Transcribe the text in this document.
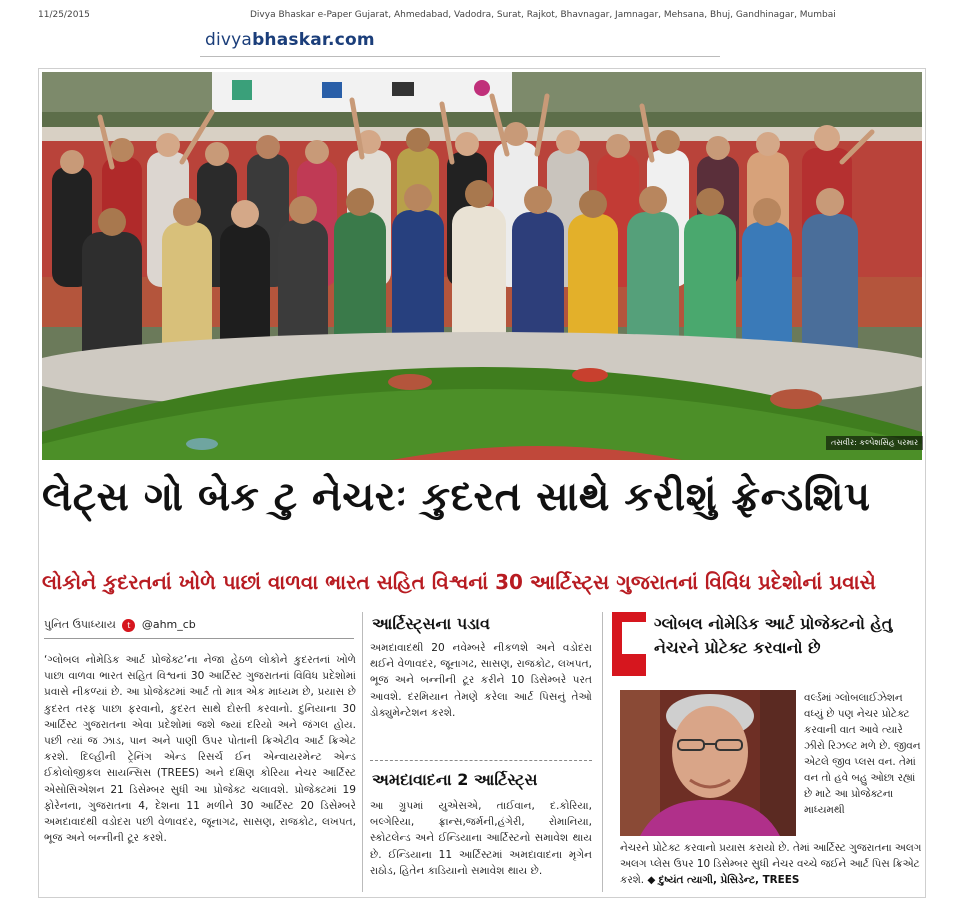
11/25/2015	Divya Bhaskar e-Paper Gujarat, Ahmedabad, Vadodra, Surat, Rajkot, Bhavnagar, Jamnagar, Mehsana, Bhuj, Gandhinagar, Mumbai
divyabhaskar.com
તસવીર: કલ્પેશસિંહ પરમાર
લેટ્સ ગો બેક ટુ નેચરઃ કુદરત સાથે કરીશું ફ્રેન્ડશિપ
લોકોને કુદરતનાં ખોળે પાછાં વાળવા ભારત સહિત વિશ્વનાં 30 આર્ટિસ્ટ્સ ગુજરાતનાં વિવિધ પ્રદેશોનાં પ્રવાસે
પુનિત ઉપાધ્યાય t @ahm_cb
‘ગ્લોબલ નોમેડિક આર્ટ પ્રોજેક્ટ’ના નેજા હેઠળ લોકોને કુદરતનાં ખોળે પાછા વાળવા ભારત સહિત વિશ્વનાં 30 આર્ટિસ્ટ ગુજરાતનાં વિવિધ પ્રદેશોમાં પ્રવાસે નીકળ્યાં છે. આ પ્રોજેક્ટમાં આર્ટ તો માત્ર એક માધ્યમ છે, પ્રયાસ છે કુદરત તરફ પાછા ફરવાનો, કુદરત સાથે દોસ્તી કરવાનો. દુનિયાના 30 આર્ટિસ્ટ ગુજરાતના એવા પ્રદેશોમાં જશે જ્યાં દરિયો અને જંગલ હોય. પછી ત્યાં જ ઝાડ, પાન અને પાણી ઉપર પોતાની ક્રિએટીવ આર્ટ ક્રિએટ કરશે. દિલ્હીની ટ્રેનિંગ એન્ડ રિસર્ચ ઈન એન્વાયરમેન્ટ એન્ડ ઈકોલોજીકલ સાયન્સિસ (TREES) અને દક્ષિણ કોરિયા નેચર આર્ટિસ્ટ એસોસિએશન 21 ડિસેમ્બર સુધી આ પ્રોજેક્ટ ચલાવશે. પ્રોજેક્ટમાં 19 ફોરેનના, ગુજરાતના 4, દેશના 11 મળીને 30 આર્ટિસ્ટ 20 ડિસેમ્બરે અમદાવાદથી વડોદરા પછી વેળાવદર, જૂનાગઢ, સાસણ, રાજકોટ, લખપત, ભૂજ અને બન્નીની ટૂર કરશે.
આર્ટિસ્ટ્સના પડાવ
અમદાવાદથી 20 નવેમ્બરે નીકળશે અને વડોદરા થઈને વેળાવદર, જૂનાગઢ, સાસણ, રાજકોટ, લખપત, ભૂજ અને બન્નીની ટૂર કરીને 10 ડિસેમ્બરે પરત આવશે. દરમિયાન તેમણે કરેલા આર્ટ પિસનું તેઓ ડોક્યુમેન્ટેશન કરશે.
અમદાવાદના 2 આર્ટિસ્ટ્સ
આ ગ્રુપમાં યુએસએ, તાઈવાન, દ.કોરિયા, બલ્ગેરિયા, ફ્રાન્સ,જર્મની,હંગેરી, રોમાનિયા, સ્કોટલેન્ડ અને ઈન્ડિયાના આર્ટિસ્ટનો સમાવેશ થાય છે. ઈન્ડિયાના 11 આર્ટિસ્ટમાં અમદાવાદના મૃગેન રાઠોડ, હિતેન કાડિયાનો સમાવેશ થાય છે.
ગ્લોબલ નોમેડિક આર્ટ પ્રોજેક્ટનો હેતુ નેચરને પ્રોટેક્ટ કરવાનો છે
વર્લ્ડમાં ગ્લોબલાઈઝેશન વધ્યું છે પણ નેચર પ્રોટેક્ટ કરવાની વાત આવે ત્યારે ઝીરો રિઝલ્ટ મળે છે. જીવન એટલે જીવ પ્લસ વન. તેમાં વન તો હવે બહુ ઓછા રહ્યાં છે માટે આ પ્રોજેક્ટના માધ્યમથી
નેચરને પ્રોટેક્ટ કરવાનો પ્રયાસ કરાયો છે. તેમાં આર્ટિસ્ટ ગુજરાતના અલગ અલગ પ્લેસ ઉપર 10 ડિસેમ્બર સુધી નેચર વચ્ચે જઈને આર્ટ પિસ ક્રિએટ કરશે. ◆ દુષ્યંત ત્યાગી, પ્રેસિડેન્ટ, TREES
